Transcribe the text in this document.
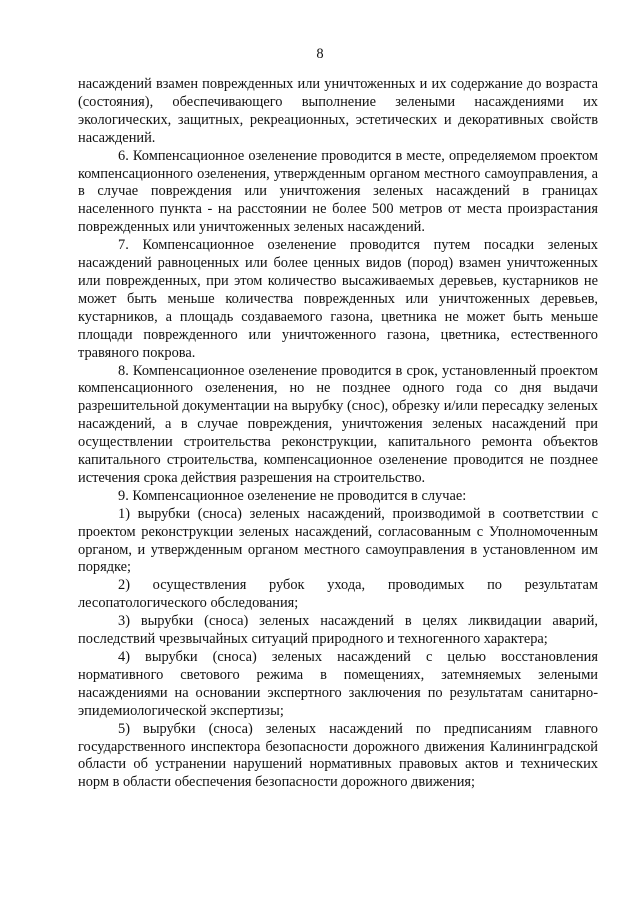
8

насаждений взамен поврежденных или уничтоженных и их содержание до возраста (состояния), обеспечивающего выполнение зелеными насаждениями их экологических, защитных, рекреационных, эстетических и декоративных свойств насаждений.

6. Компенсационное озеленение проводится в месте, определяемом проектом компенсационного озеленения, утвержденным органом местного самоуправления, а в случае повреждения или уничтожения зеленых насаждений в границах населенного пункта - на расстоянии не более 500 метров от места произрастания поврежденных или уничтоженных зеленых насаждений.

7. Компенсационное озеленение проводится путем посадки зеленых насаждений равноценных или более ценных видов (пород) взамен уничтоженных или поврежденных, при этом количество высаживаемых деревьев, кустарников не может быть меньше количества поврежденных или уничтоженных деревьев, кустарников, а площадь создаваемого газона, цветника не может быть меньше площади поврежденного или уничтоженного газона, цветника, естественного травяного покрова.

8. Компенсационное озеленение проводится в срок, установленный проектом компенсационного озеленения, но не позднее одного года со дня выдачи разрешительной документации на вырубку (снос), обрезку и/или пересадку зеленых насаждений, а в случае повреждения, уничтожения зеленых насаждений при осуществлении строительства реконструкции, капитального ремонта объектов капитального строительства, компенсационное озеленение проводится не позднее истечения срока действия разрешения на строительство.

9. Компенсационное озеленение не проводится в случае:

1) вырубки (сноса) зеленых насаждений, производимой в соответствии с проектом реконструкции зеленых насаждений, согласованным с Уполномоченным органом, и утвержденным органом местного самоуправления в установленном им порядке;

2) осуществления рубок ухода, проводимых по результатам лесопатологического обследования;

3) вырубки (сноса) зеленых насаждений в целях ликвидации аварий, последствий чрезвычайных ситуаций природного и техногенного характера;

4) вырубки (сноса) зеленых насаждений с целью восстановления нормативного светового режима в помещениях, затемняемых зелеными насаждениями на основании экспертного заключения по результатам санитарно-эпидемиологической экспертизы;

5) вырубки (сноса) зеленых насаждений по предписаниям главного государственного инспектора безопасности дорожного движения Калининградской области об устранении нарушений нормативных правовых актов и технических норм в области обеспечения безопасности дорожного движения;
